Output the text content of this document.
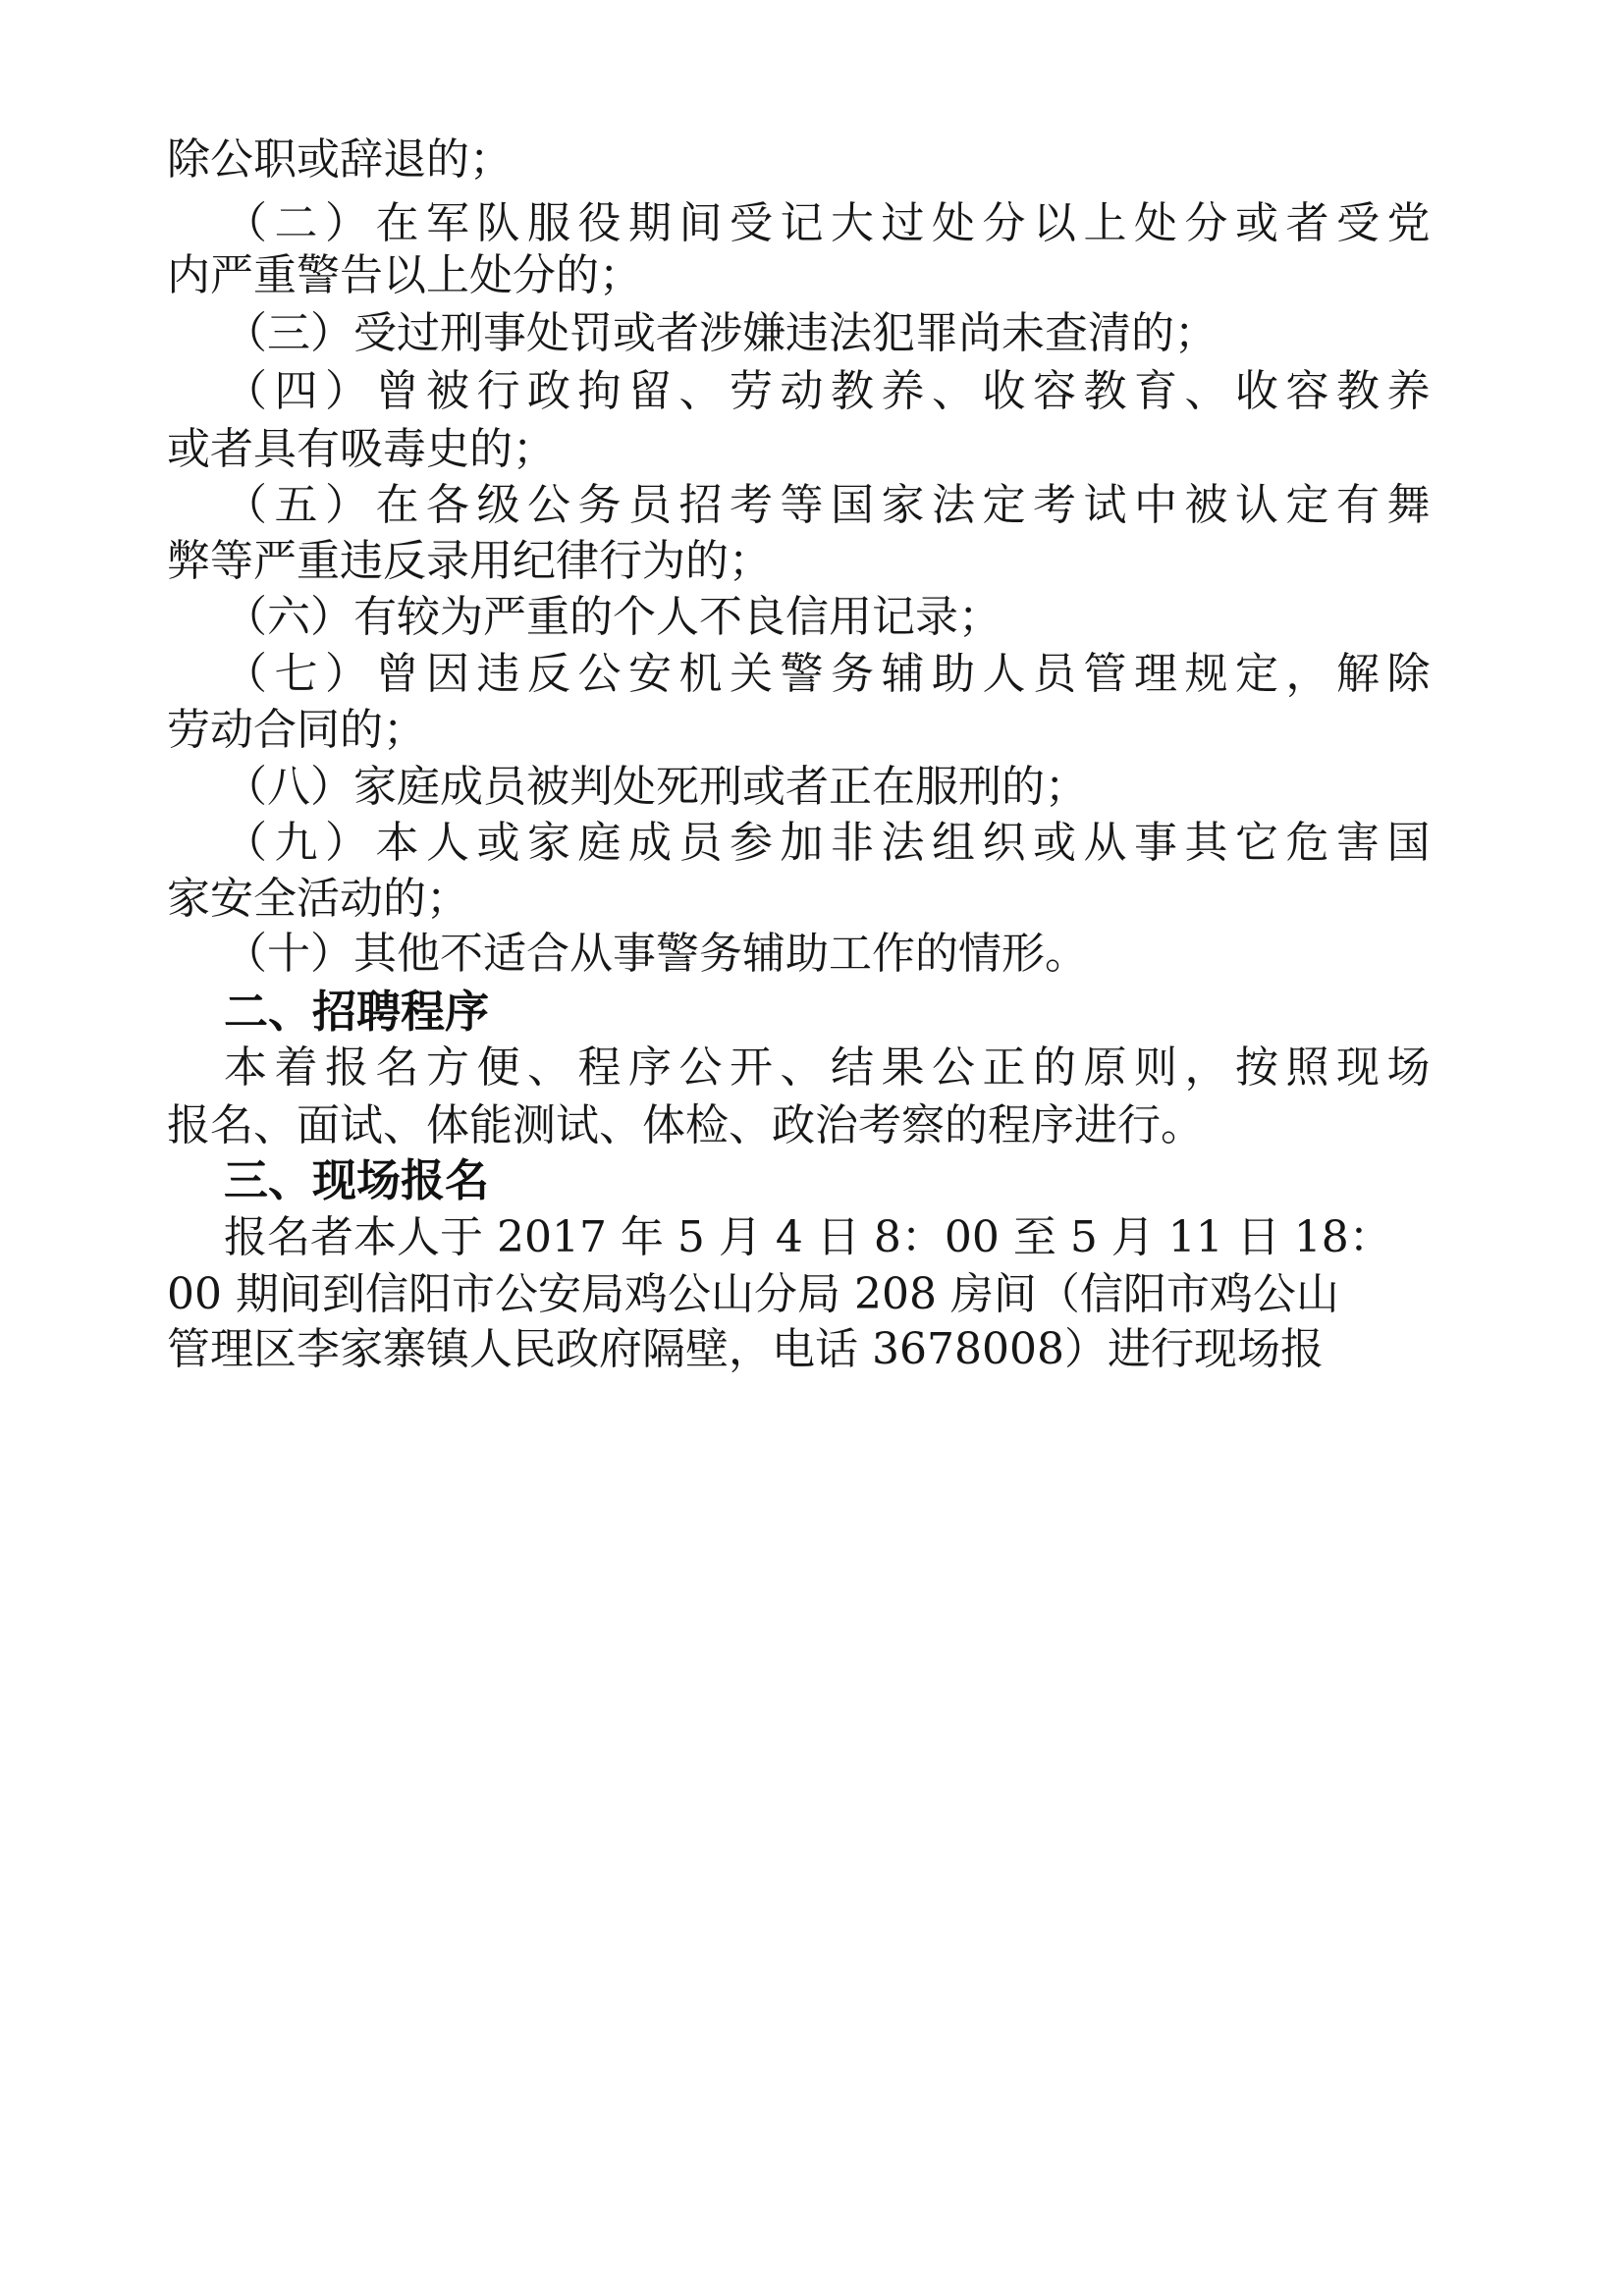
除公职或辞退的；
（二）在军队服役期间受记大过处分以上处分或者受党
内严重警告以上处分的；
（三）受过刑事处罚或者涉嫌违法犯罪尚未查清的；
（四）曾被行政拘留、劳动教养、收容教育、收容教养
或者具有吸毒史的；
（五）在各级公务员招考等国家法定考试中被认定有舞
弊等严重违反录用纪律行为的；
（六）有较为严重的个人不良信用记录；
（七）曾因违反公安机关警务辅助人员管理规定，解除
劳动合同的；
（八）家庭成员被判处死刑或者正在服刑的；
（九）本人或家庭成员参加非法组织或从事其它危害国
家安全活动的；
（十）其他不适合从事警务辅助工作的情形。
二、招聘程序
本着报名方便、程序公开、结果公正的原则，按照现场
报名、面试、体能测试、体检、政治考察的程序进行。
三、现场报名
报名者本人于 2017 年 5 月 4 日 8：00 至 5 月 11 日 18：
00 期间到信阳市公安局鸡公山分局 208 房间（信阳市鸡公山
管理区李家寨镇人民政府隔壁，电话 3678008）进行现场报
